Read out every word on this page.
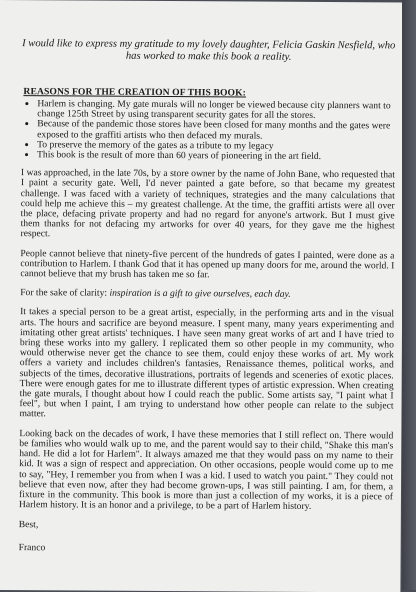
I would like to express my gratitude to my lovely daughter, Felicia Gaskin Nesfield, who has worked to make this book a reality.

REASONS FOR THE CREATION OF THIS BOOK:
• Harlem is changing. My gate murals will no longer be viewed because city planners want to change 125th Street by using transparent security gates for all the stores.
• Because of the pandemic those stores have been closed for many months and the gates were exposed to the graffiti artists who then defaced my murals.
• To preserve the memory of the gates as a tribute to my legacy
• This book is the result of more than 60 years of pioneering in the art field.

I was approached, in the late 70s, by a store owner by the name of John Bane, who requested that I paint a security gate. Well, I'd never painted a gate before, so that became my greatest challenge. I was faced with a variety of techniques, strategies and the many calculations that could help me achieve this – my greatest challenge. At the time, the graffiti artists were all over the place, defacing private property and had no regard for anyone's artwork. But I must give them thanks for not defacing my artworks for over 40 years, for they gave me the highest respect.

People cannot believe that ninety-five percent of the hundreds of gates I painted, were done as a contribution to Harlem. I thank God that it has opened up many doors for me, around the world. I cannot believe that my brush has taken me so far.

For the sake of clarity: inspiration is a gift to give ourselves, each day.

It takes a special person to be a great artist, especially, in the performing arts and in the visual arts. The hours and sacrifice are beyond measure. I spent many, many years experimenting and imitating other great artists' techniques. I have seen many great works of art and I have tried to bring these works into my gallery. I replicated them so other people in my community, who would otherwise never get the chance to see them, could enjoy these works of art. My work offers a variety and includes children's fantasies, Renaissance themes, political works, and subjects of the times, decorative illustrations, portraits of legends and sceneries of exotic places. There were enough gates for me to illustrate different types of artistic expression. When creating the gate murals, I thought about how I could reach the public. Some artists say, "I paint what I feel", but when I paint, I am trying to understand how other people can relate to the subject matter.

Looking back on the decades of work, I have these memories that I still reflect on. There would be families who would walk up to me, and the parent would say to their child, "Shake this man's hand. He did a lot for Harlem". It always amazed me that they would pass on my name to their kid. It was a sign of respect and appreciation. On other occasions, people would come up to me to say, "Hey, I remember you from when I was a kid. I used to watch you paint." They could not believe that even now, after they had become grown-ups, I was still painting. I am, for them, a fixture in the community. This book is more than just a collection of my works, it is a piece of Harlem history. It is an honor and a privilege, to be a part of Harlem history.

Best,

Franco
